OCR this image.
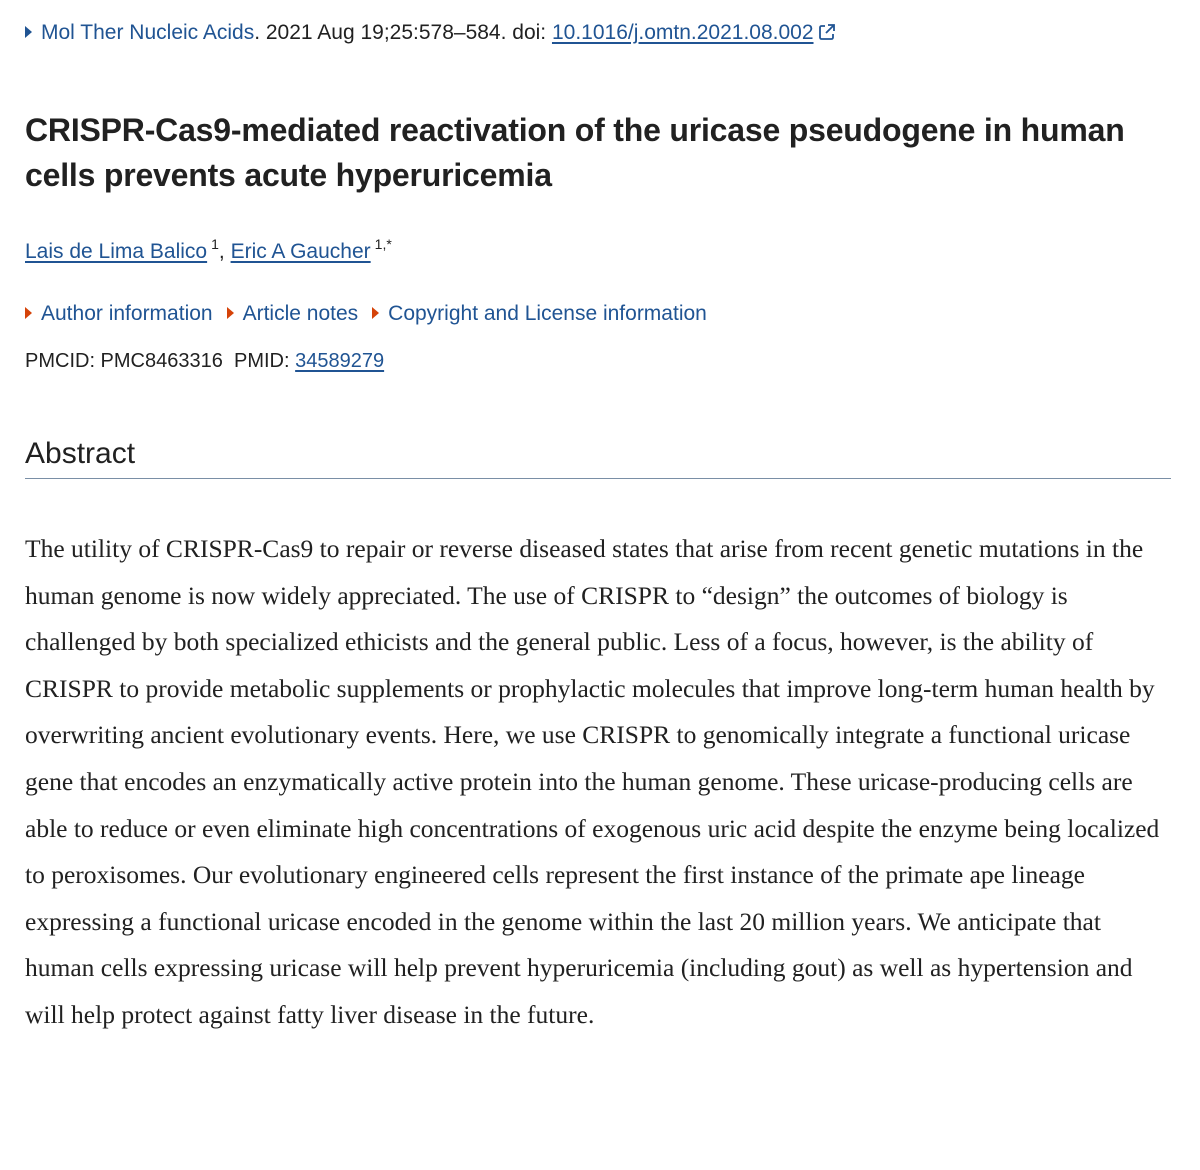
Mol Ther Nucleic Acids. 2021 Aug 19;25:578–584. doi: 10.1016/j.omtn.2021.08.002
CRISPR-Cas9-mediated reactivation of the uricase pseudogene in human cells prevents acute hyperuricemia
Lais de Lima Balico $^1$, Eric A Gaucher $^{1,*}$
Author information Article notes Copyright and License information
PMCID: PMC8463316 PMID: 34589279
Abstract

The utility of CRISPR-Cas9 to repair or reverse diseased states that arise from recent genetic mutations in the human genome is now widely appreciated. The use of CRISPR to “design” the outcomes of biology is challenged by both specialized ethicists and the general public. Less of a focus, however, is the ability of CRISPR to provide metabolic supplements or prophylactic molecules that improve long-term human health by overwriting ancient evolutionary events. Here, we use CRISPR to genomically integrate a functional uricase gene that encodes an enzymatically active protein into the human genome. These uricase-producing cells are able to reduce or even eliminate high concentrations of exogenous uric acid despite the enzyme being localized to peroxisomes. Our evolutionary engineered cells represent the first instance of the primate ape lineage expressing a functional uricase encoded in the genome within the last 20 million years. We anticipate that human cells expressing uricase will help prevent hyperuricemia (including gout) as well as hypertension and will help protect against fatty liver disease in the future.
